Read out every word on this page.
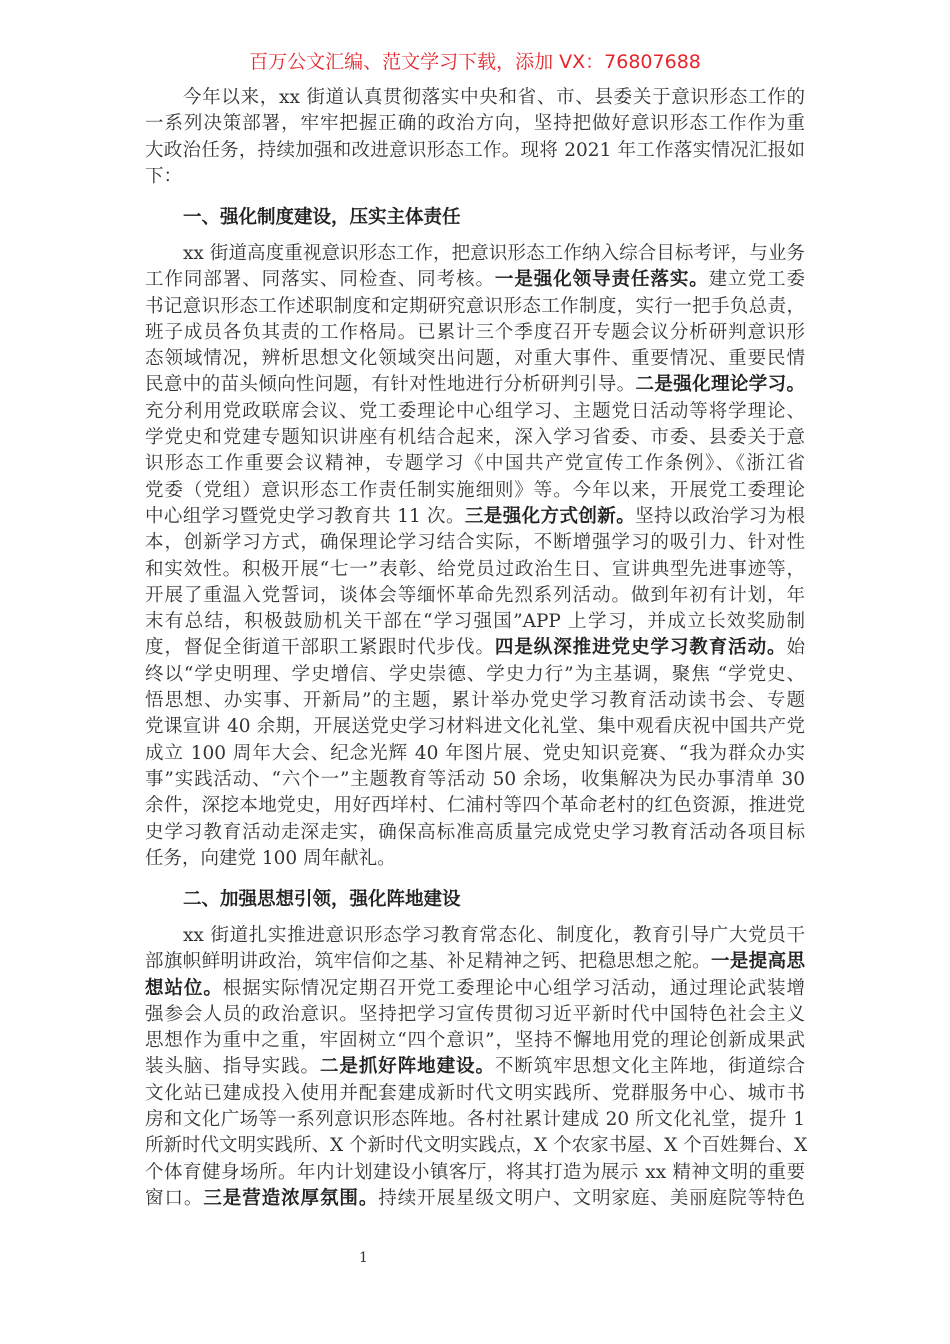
百万公文汇编、范文学习下载，添加 VX：76807688
今年以来，xx 街道认真贯彻落实中央和省、市、县委关于意识形态工作的
一系列决策部署，牢牢把握正确的政治方向，坚持把做好意识形态工作作为重
大政治任务，持续加强和改进意识形态工作。现将 2021 年工作落实情况汇报如
下：
一、强化制度建设，压实主体责任
xx 街道高度重视意识形态工作，把意识形态工作纳入综合目标考评，与业务
工作同部署、同落实、同检查、同考核。一是强化领导责任落实。建立党工委
书记意识形态工作述职制度和定期研究意识形态工作制度，实行一把手负总责，
班子成员各负其责的工作格局。已累计三个季度召开专题会议分析研判意识形
态领域情况，辨析思想文化领域突出问题，对重大事件、重要情况、重要民情
民意中的苗头倾向性问题，有针对性地进行分析研判引导。二是强化理论学习。
充分利用党政联席会议、党工委理论中心组学习、主题党日活动等将学理论、
学党史和党建专题知识讲座有机结合起来，深入学习省委、市委、县委关于意
识形态工作重要会议精神，专题学习《中国共产党宣传工作条例》、《浙江省
党委（党组）意识形态工作责任制实施细则》等。今年以来，开展党工委理论
中心组学习暨党史学习教育共 11 次。三是强化方式创新。坚持以政治学习为根
本，创新学习方式，确保理论学习结合实际，不断增强学习的吸引力、针对性
和实效性。积极开展“七一”表彰、给党员过政治生日、宣讲典型先进事迹等，
开展了重温入党誓词，谈体会等缅怀革命先烈系列活动。做到年初有计划，年
末有总结，积极鼓励机关干部在“学习强国”APP 上学习，并成立长效奖励制
度，督促全街道干部职工紧跟时代步伐。四是纵深推进党史学习教育活动。始
终以“学史明理、学史增信、学史崇德、学史力行”为主基调，聚焦 “学党史、
悟思想、办实事、开新局”的主题，累计举办党史学习教育活动读书会、专题
党课宣讲 40 余期，开展送党史学习材料进文化礼堂、集中观看庆祝中国共产党
成立 100 周年大会、纪念光辉 40 年图片展、党史知识竞赛、“我为群众办实
事”实践活动、“六个一”主题教育等活动 50 余场，收集解决为民办事清单 30
余件，深挖本地党史，用好西垟村、仁浦村等四个革命老村的红色资源，推进党
史学习教育活动走深走实，确保高标准高质量完成党史学习教育活动各项目标
任务，向建党 100 周年献礼。
二、加强思想引领，强化阵地建设
xx 街道扎实推进意识形态学习教育常态化、制度化，教育引导广大党员干
部旗帜鲜明讲政治，筑牢信仰之基、补足精神之钙、把稳思想之舵。一是提高思
想站位。根据实际情况定期召开党工委理论中心组学习活动，通过理论武装增
强参会人员的政治意识。坚持把学习宣传贯彻习近平新时代中国特色社会主义
思想作为重中之重，牢固树立“四个意识”，坚持不懈地用党的理论创新成果武
装头脑、指导实践。二是抓好阵地建设。不断筑牢思想文化主阵地，街道综合
文化站已建成投入使用并配套建成新时代文明实践所、党群服务中心、城市书
房和文化广场等一系列意识形态阵地。各村社累计建成 20 所文化礼堂，提升 1
所新时代文明实践所、X 个新时代文明实践点，X 个农家书屋、X 个百姓舞台、X
个体育健身场所。年内计划建设小镇客厅，将其打造为展示 xx 精神文明的重要
窗口。三是营造浓厚氛围。持续开展星级文明户、文明家庭、美丽庭院等特色
1
